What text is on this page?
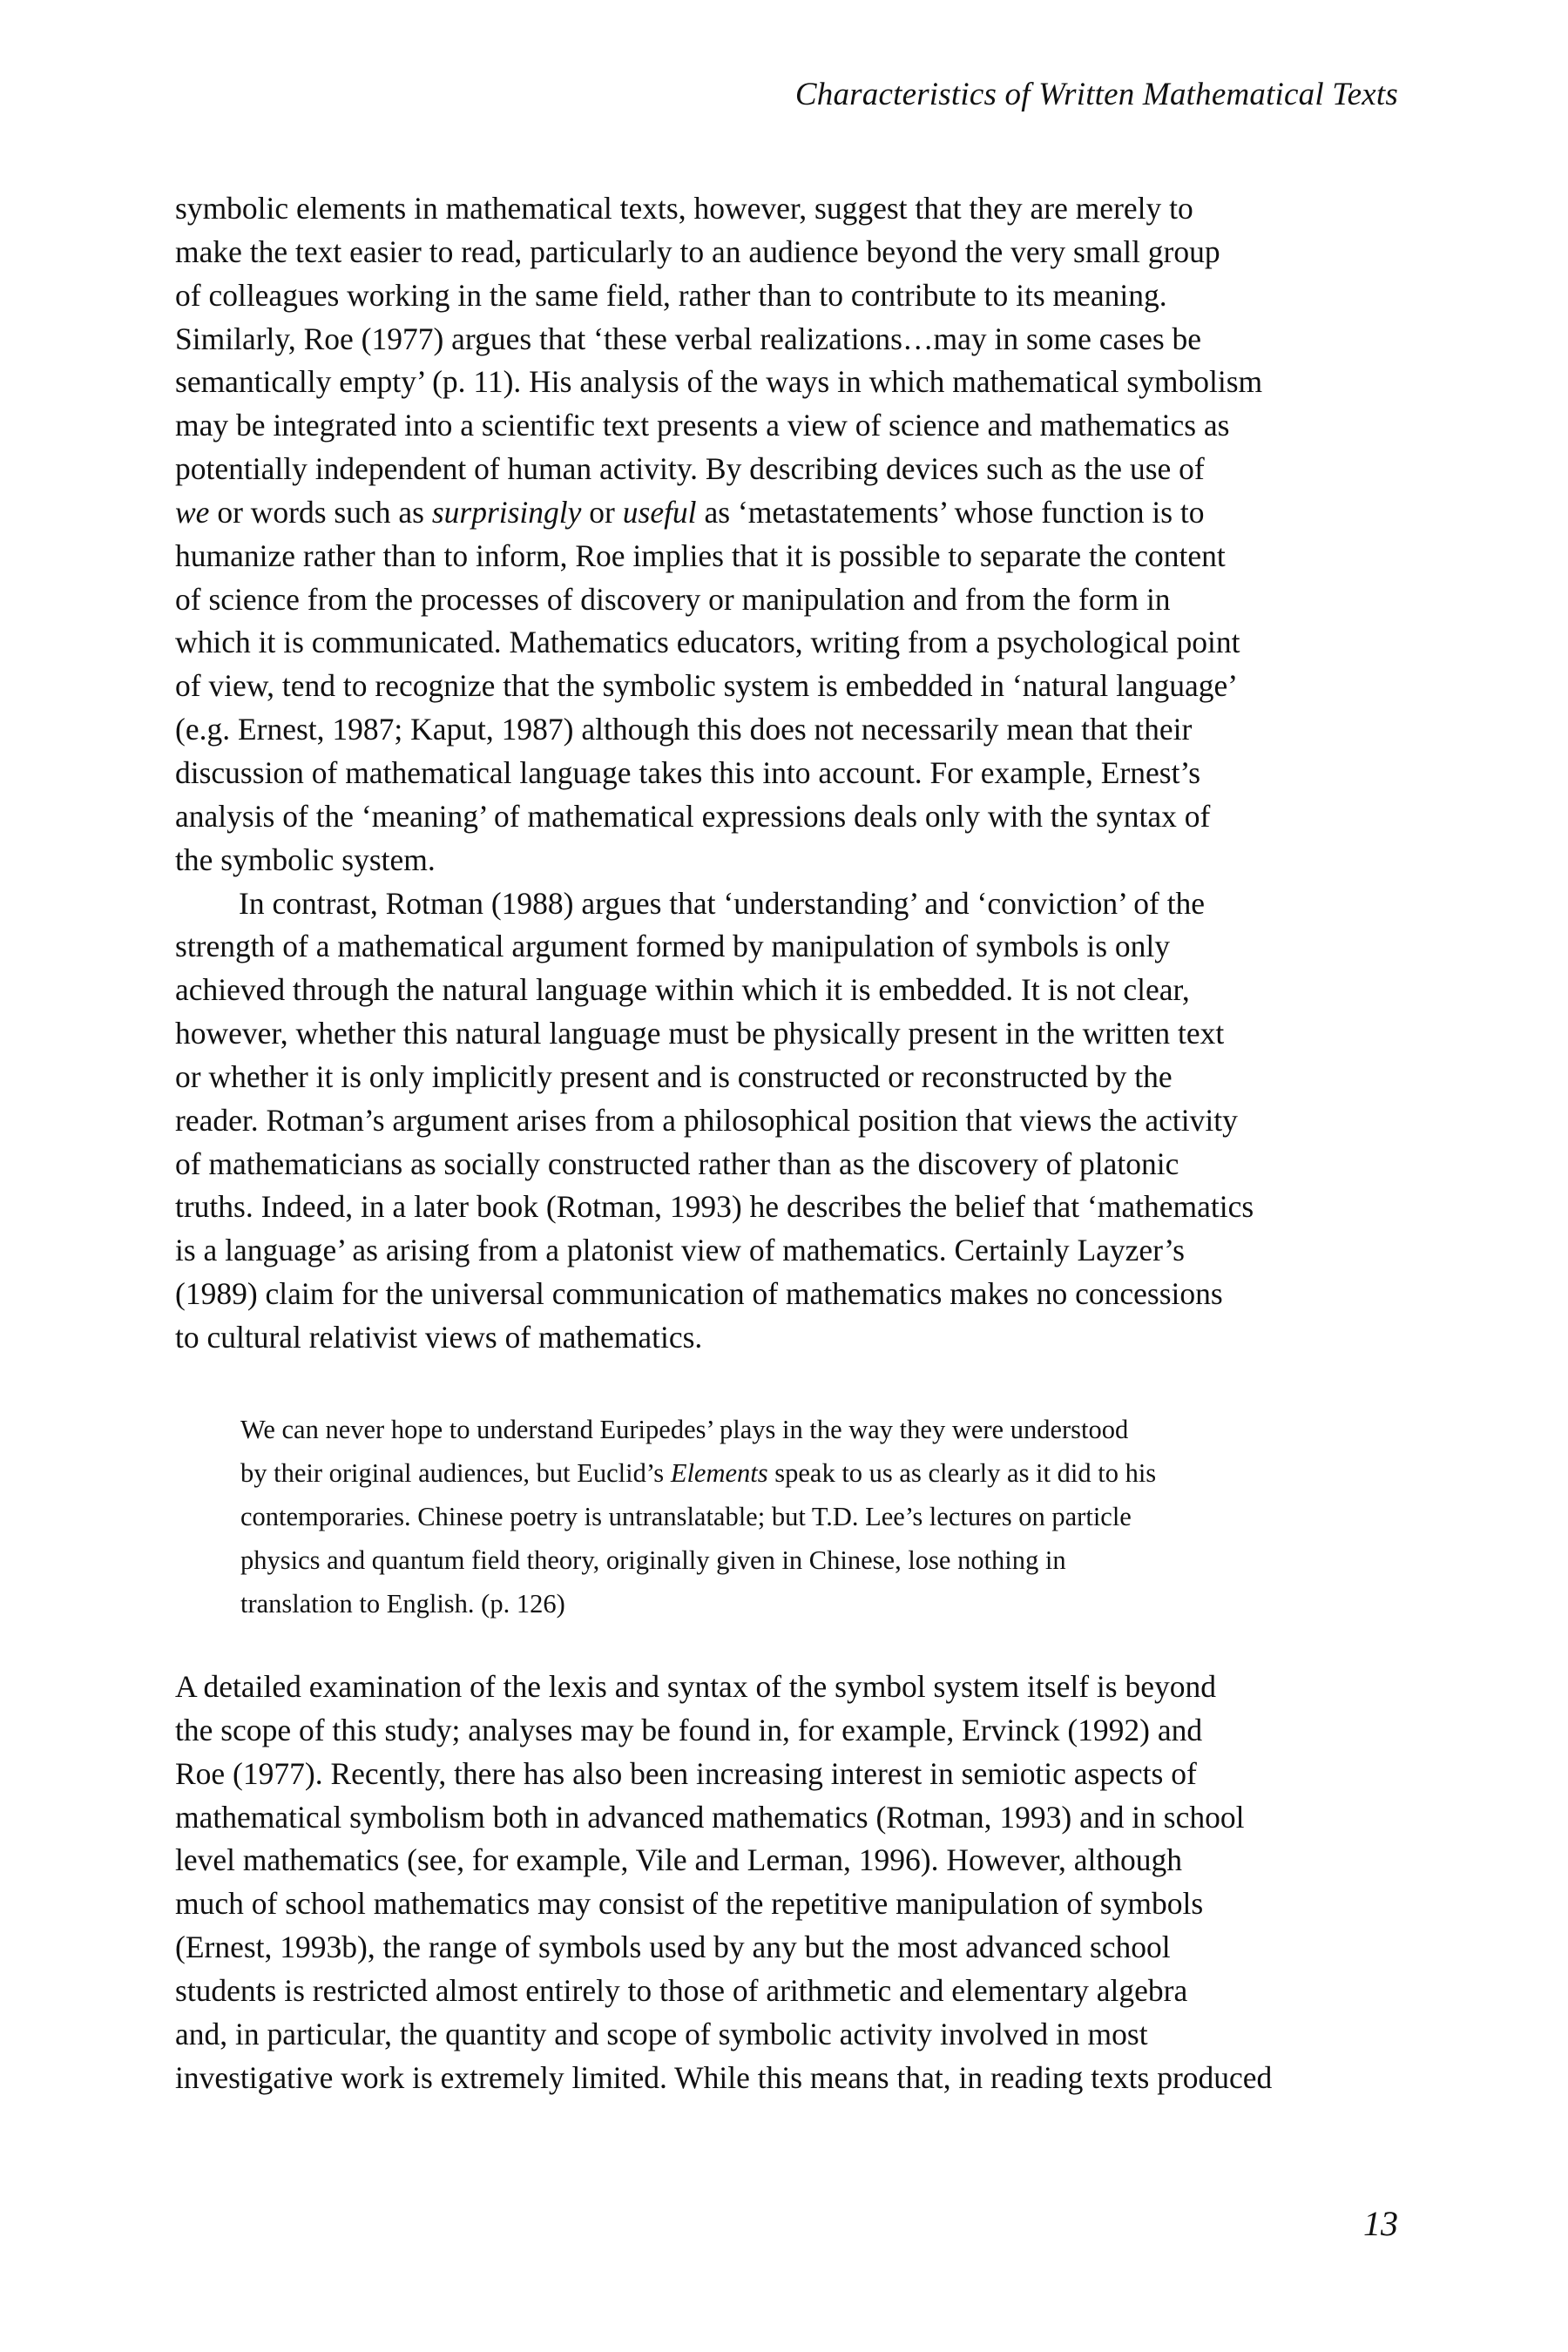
Characteristics of Written Mathematical Texts
symbolic elements in mathematical texts, however, suggest that they are merely to
make the text easier to read, particularly to an audience beyond the very small group
of colleagues working in the same field, rather than to contribute to its meaning.
Similarly, Roe (1977) argues that ‘these verbal realizations…may in some cases be
semantically empty’ (p. 11). His analysis of the ways in which mathematical symbolism
may be integrated into a scientific text presents a view of science and mathematics as
potentially independent of human activity. By describing devices such as the use of
we or words such as surprisingly or useful as ‘metastatements’ whose function is to
humanize rather than to inform, Roe implies that it is possible to separate the content
of science from the processes of discovery or manipulation and from the form in
which it is communicated. Mathematics educators, writing from a psychological point
of view, tend to recognize that the symbolic system is embedded in ‘natural language’
(e.g. Ernest, 1987; Kaput, 1987) although this does not necessarily mean that their
discussion of mathematical language takes this into account. For example, Ernest’s
analysis of the ‘meaning’ of mathematical expressions deals only with the syntax of
the symbolic system.
In contrast, Rotman (1988) argues that ‘understanding’ and ‘conviction’ of the
strength of a mathematical argument formed by manipulation of symbols is only
achieved through the natural language within which it is embedded. It is not clear,
however, whether this natural language must be physically present in the written text
or whether it is only implicitly present and is constructed or reconstructed by the
reader. Rotman’s argument arises from a philosophical position that views the activity
of mathematicians as socially constructed rather than as the discovery of platonic
truths. Indeed, in a later book (Rotman, 1993) he describes the belief that ‘mathematics
is a language’ as arising from a platonist view of mathematics. Certainly Layzer’s
(1989) claim for the universal communication of mathematics makes no concessions
to cultural relativist views of mathematics.
We can never hope to understand Euripedes’ plays in the way they were understood
by their original audiences, but Euclid’s Elements speak to us as clearly as it did to his
contemporaries. Chinese poetry is untranslatable; but T.D. Lee’s lectures on particle
physics and quantum field theory, originally given in Chinese, lose nothing in
translation to English. (p. 126)
A detailed examination of the lexis and syntax of the symbol system itself is beyond
the scope of this study; analyses may be found in, for example, Ervinck (1992) and
Roe (1977). Recently, there has also been increasing interest in semiotic aspects of
mathematical symbolism both in advanced mathematics (Rotman, 1993) and in school
level mathematics (see, for example, Vile and Lerman, 1996). However, although
much of school mathematics may consist of the repetitive manipulation of symbols
(Ernest, 1993b), the range of symbols used by any but the most advanced school
students is restricted almost entirely to those of arithmetic and elementary algebra
and, in particular, the quantity and scope of symbolic activity involved in most
investigative work is extremely limited. While this means that, in reading texts produced
13
